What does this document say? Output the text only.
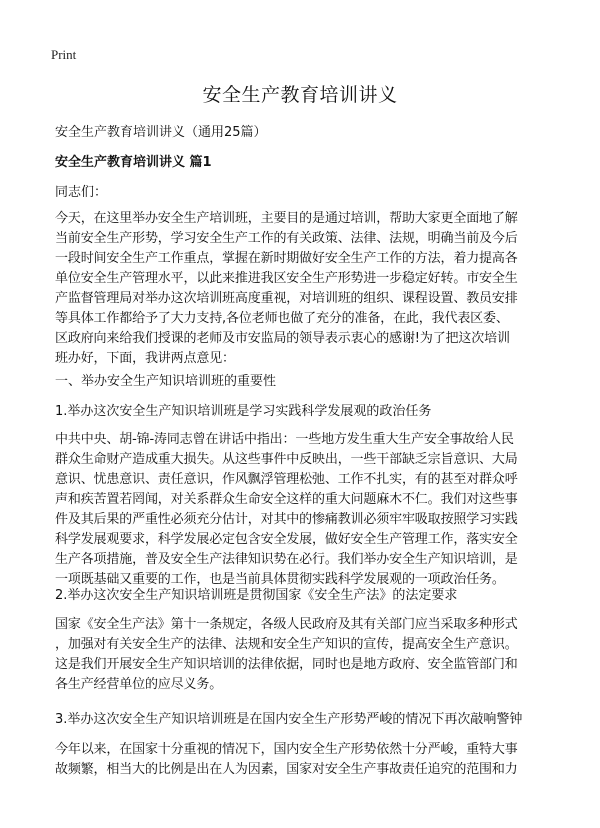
Print
安全生产教育培训讲义

安全生产教育培训讲义（通用25篇）

安全生产教育培训讲义 篇1

同志们：

今天，在这里举办安全生产培训班，主要目的是通过培训，帮助大家更全面地了解
当前安全生产形势，学习安全生产工作的有关政策、法律、法规，明确当前及今后
一段时间安全生产工作重点，掌握在新时期做好安全生产工作的方法，着力提高各
单位安全生产管理水平，以此来推进我区安全生产形势进一步稳定好转。市安全生
产监督管理局对举办这次培训班高度重视，对培训班的组织、课程设置、教员安排
等具体工作都给予了大力支持,各位老师也做了充分的准备，在此，我代表区委、
区政府向来给我们授课的老师及市安监局的领导表示衷心的感谢!为了把这次培训
班办好，下面，我讲两点意见：

一、举办安全生产知识培训班的重要性

1.举办这次安全生产知识培训班是学习实践科学发展观的政治任务

中共中央、胡-锦-涛同志曾在讲话中指出：一些地方发生重大生产安全事故给人民
群众生命财产造成重大损失。从这些事件中反映出，一些干部缺乏宗旨意识、大局
意识、忧患意识、责任意识，作风飘浮管理松弛、工作不扎实，有的甚至对群众呼
声和疾苦置若罔闻，对关系群众生命安全这样的重大问题麻木不仁。我们对这些事
件及其后果的严重性必须充分估计，对其中的惨痛教训必须牢牢吸取按照学习实践
科学发展观要求，科学发展必定包含安全发展，做好安全生产管理工作，落实安全
生产各项措施，普及安全生产法律知识势在必行。我们举办安全生产知识培训，是
一项既基础又重要的工作，也是当前具体贯彻实践科学发展观的一项政治任务。

2.举办这次安全生产知识培训班是贯彻国家《安全生产法》的法定要求

国家《安全生产法》第十一条规定，各级人民政府及其有关部门应当采取多种形式
，加强对有关安全生产的法律、法规和安全生产知识的宣传，提高安全生产意识。
这是我们开展安全生产知识培训的法律依据，同时也是地方政府、安全监管部门和
各生产经营单位的应尽义务。

3.举办这次安全生产知识培训班是在国内安全生产形势严峻的情况下再次敲响警钟

今年以来，在国家十分重视的情况下，国内安全生产形势依然十分严峻，重特大事
故频繁，相当大的比例是出在人为因素，国家对安全生产事故责任追究的范围和力
